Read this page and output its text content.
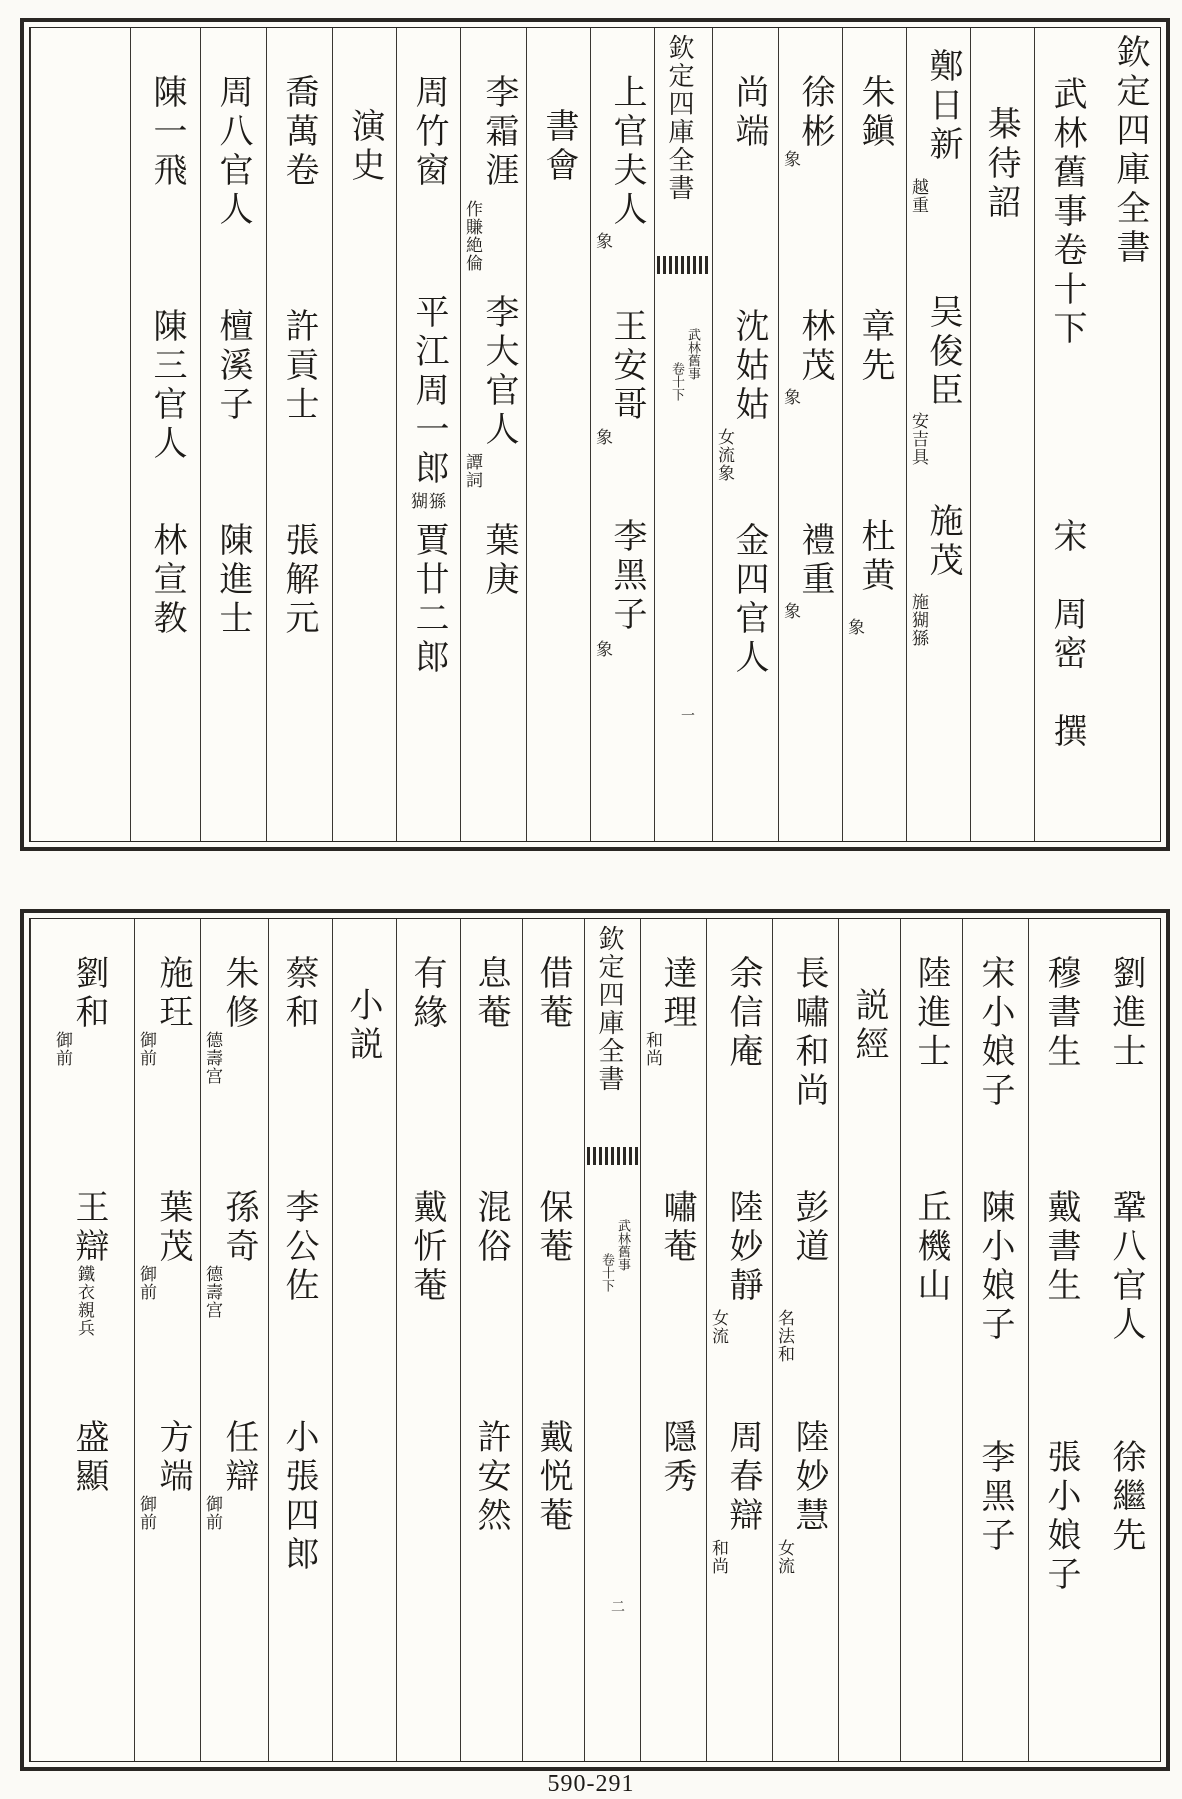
欽定四庫全書
武林舊事卷十下
宋　周密　撰
棊待詔
鄭日新
越重
吴俊臣
安吉具
施茂
施猢猻
朱鎭
章先
杜黄
象
徐彬
象
林茂
象
禮重
象
尚端
沈姑姑
女流象
金四官人
欽定四庫全書
武林舊事
卷十下
一
上官夫人
象
王安哥
象
李黑子
象
書會
李霜涯
作賺絶倫
李大官人
譚詞
葉庚
周竹窗
平江周一郎
猢猻
賈廿二郎
演史
喬萬卷
許貢士
張解元
周八官人
檀溪子
陳進士
陳一飛
陳三官人
林宣教
劉進士
鞏八官人
徐繼先
穆書生
戴書生
張小娘子
宋小娘子
陳小娘子
李黑子
陸進士
丘機山
説經
長嘯和尚
彭道
名法和
陸妙慧
女流
余信庵
陸妙靜
女流
周春辯
和尚
達理
和尚
嘯菴
隱秀
欽定四庫全書
武林舊事
卷十下
二
借菴
保菴
戴悦菴
息菴
混俗
許安然
有緣
戴忻菴
小説
蔡和
李公佐
小張四郎
朱修
德壽宫
孫奇
德壽宫
任辯
御前
施玨
御前
葉茂
御前
方端
御前
劉和
御前
王辯
鐵衣親兵
盛顯
590-291
